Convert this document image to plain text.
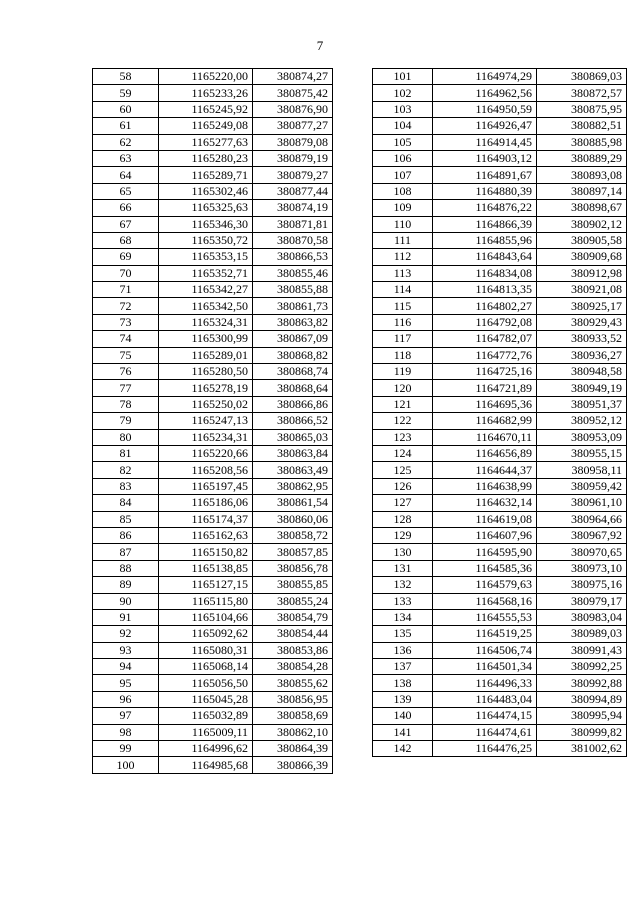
7
58	1165220,00	380874,27
59	1165233,26	380875,42
60	1165245,92	380876,90
61	1165249,08	380877,27
62	1165277,63	380879,08
63	1165280,23	380879,19
64	1165289,71	380879,27
65	1165302,46	380877,44
66	1165325,63	380874,19
67	1165346,30	380871,81
68	1165350,72	380870,58
69	1165353,15	380866,53
70	1165352,71	380855,46
71	1165342,27	380855,88
72	1165342,50	380861,73
73	1165324,31	380863,82
74	1165300,99	380867,09
75	1165289,01	380868,82
76	1165280,50	380868,74
77	1165278,19	380868,64
78	1165250,02	380866,86
79	1165247,13	380866,52
80	1165234,31	380865,03
81	1165220,66	380863,84
82	1165208,56	380863,49
83	1165197,45	380862,95
84	1165186,06	380861,54
85	1165174,37	380860,06
86	1165162,63	380858,72
87	1165150,82	380857,85
88	1165138,85	380856,78
89	1165127,15	380855,85
90	1165115,80	380855,24
91	1165104,66	380854,79
92	1165092,62	380854,44
93	1165080,31	380853,86
94	1165068,14	380854,28
95	1165056,50	380855,62
96	1165045,28	380856,95
97	1165032,89	380858,69
98	1165009,11	380862,10
99	1164996,62	380864,39
100	1164985,68	380866,39
101	1164974,29	380869,03
102	1164962,56	380872,57
103	1164950,59	380875,95
104	1164926,47	380882,51
105	1164914,45	380885,98
106	1164903,12	380889,29
107	1164891,67	380893,08
108	1164880,39	380897,14
109	1164876,22	380898,67
110	1164866,39	380902,12
111	1164855,96	380905,58
112	1164843,64	380909,68
113	1164834,08	380912,98
114	1164813,35	380921,08
115	1164802,27	380925,17
116	1164792,08	380929,43
117	1164782,07	380933,52
118	1164772,76	380936,27
119	1164725,16	380948,58
120	1164721,89	380949,19
121	1164695,36	380951,37
122	1164682,99	380952,12
123	1164670,11	380953,09
124	1164656,89	380955,15
125	1164644,37	380958,11
126	1164638,99	380959,42
127	1164632,14	380961,10
128	1164619,08	380964,66
129	1164607,96	380967,92
130	1164595,90	380970,65
131	1164585,36	380973,10
132	1164579,63	380975,16
133	1164568,16	380979,17
134	1164555,53	380983,04
135	1164519,25	380989,03
136	1164506,74	380991,43
137	1164501,34	380992,25
138	1164496,33	380992,88
139	1164483,04	380994,89
140	1164474,15	380995,94
141	1164474,61	380999,82
142	1164476,25	381002,62
